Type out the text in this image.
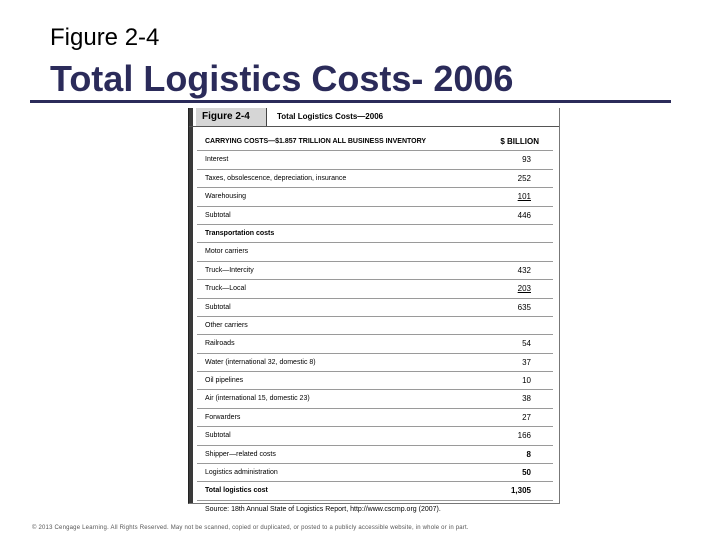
Figure 2-4
Total Logistics Costs- 2006
Figure 2-4	Total Logistics Costs—2006
CARRYING COSTS—$1.857 TRILLION ALL BUSINESS INVENTORY	$ BILLION
Interest	93
Taxes, obsolescence, depreciation, insurance	252
Warehousing	101
Subtotal	446
Transportation costs
Motor carriers
Truck—Intercity	432
Truck—Local	203
Subtotal	635
Other carriers
Railroads	54
Water (international 32, domestic 8)	37
Oil pipelines	10
Air (international 15, domestic 23)	38
Forwarders	27
Subtotal	166
Shipper—related costs	8
Logistics administration	50
Total logistics cost	1,305
Source: 18th Annual State of Logistics Report, http://www.cscmp.org (2007).
© 2013 Cengage Learning. All Rights Reserved. May not be scanned, copied or duplicated, or posted to a publicly accessible website, in whole or in part.
